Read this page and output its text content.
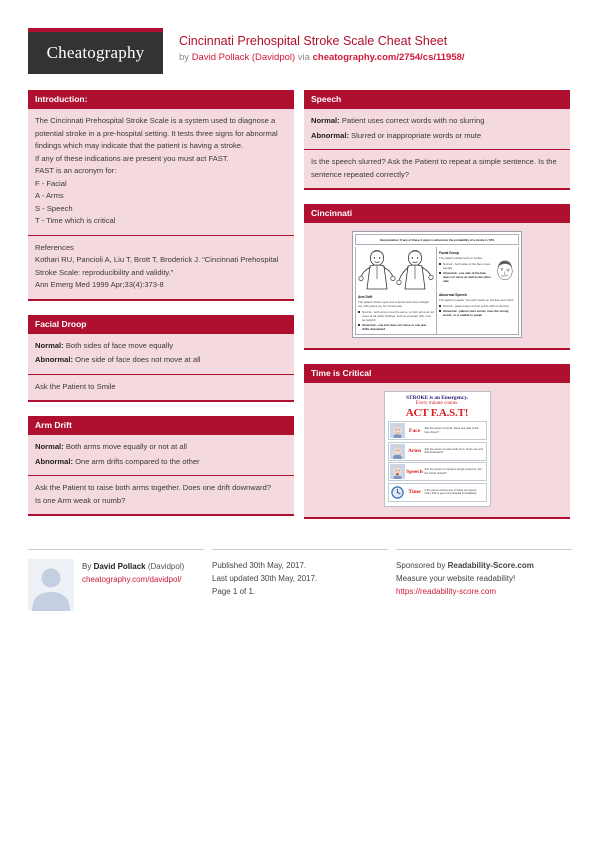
Cheatography
Cincinnati Prehospital Stroke Scale Cheat Sheet
by David Pollack (Davidpol) via cheatography.com/2754/cs/11958/
Introduction:
The Cincinnati Prehospital Stroke Scale is a system used to diagnose a potential stroke in a pre-hospital setting. It tests three signs for abnormal findings which may indicate that the patient is having a stroke.
If any of these indications are present you must act FAST.
FAST is an acronym for:
F - Facial
A - Arms
S - Speech
T - Time which is critical
References
Kothari RU, Pancioli A, Liu T, Brott T, Broderick J. “Cincinnati Prehospital Stroke Scale: reproducibility and validity.”
Ann Emerg Med 1999 Apr;33(4):373-8
Facial Droop
Normal: Both sides of face move equally
Abnormal: One side of face does not move at all
Ask the Patient to Smile
Arm Drift
Normal: Both arms move equally or not at all
Abnormal: One arm drifts compared to the other
Ask the Patient to raise both arms together. Does one drift downward?
Is one Arm weak or numb?
Speech
Normal: Patient uses correct words with no slurring
Abnormal: Slurred or inappropriate words or mute
Is the speech slurred? Ask the Patient to repeat a simple sentence. Is the
sentence repeated correctly?
Cincinnati
Interpretation: If any of these 3 signs is abnormal, the probability of a stroke is 72%
Arm Drift
The patient closes eyes and extends both arms straight out, with palms up, for 10 seconds.
Normal - both arms move the same, or both arms do not move at all (other findings, such as pronator drift, may be helpful)
Abnormal - one arm does not move or one arm drifts down/ward
Facial Droop
The patient shows teeth or smiles.
Normal - both sides of the face move equally
Abnormal - one side of the face does not move as well as the other side
Abnormal Speech
The patient repeats "you can't teach an old dog new tricks".
Normal - patient says correct words with no slurring
Abnormal - patient slurs words, uses the wrong words, or is unable to speak
Time is Critical
STROKE is an Emergency.
Every minute counts.
ACT F.A.S.T!
Face	Ask the person to smile. Does one side of the face droop?
Arms	Ask the person to raise both arms. Does one arm drift downward?
Speech Ask the person to repeat a simple sentence. Are the words slurred?
Time	If the person shows any of these symptoms, CALL 911 or get to the hospital immediately.
By David Pollack (Davidpol)
cheatography.com/davidpol/
Published 30th May, 2017.
Last updated 30th May, 2017.
Page 1 of 1.
Sponsored by Readability-Score.com
Measure your website readability!
https://readability-score.com
